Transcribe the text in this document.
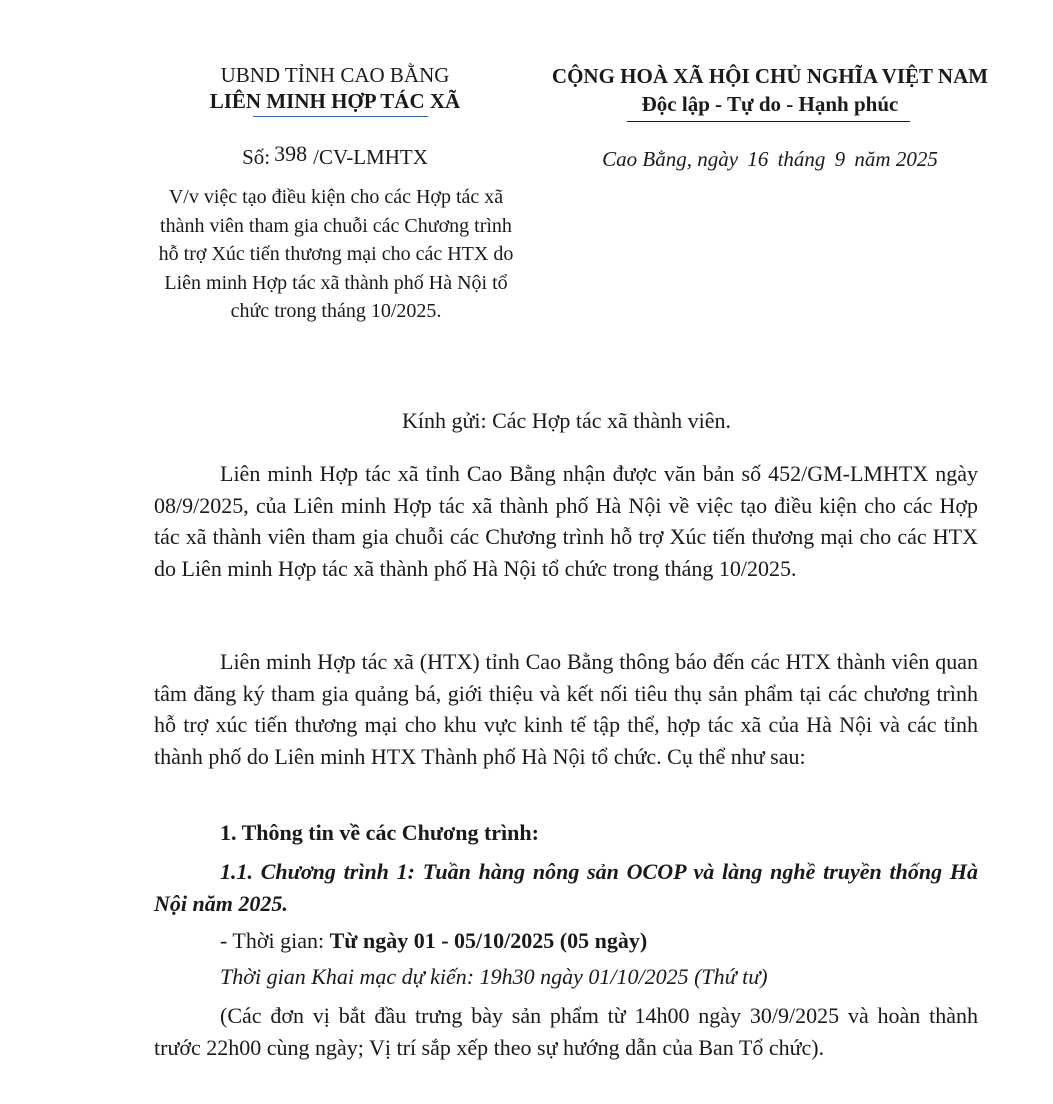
UBND TỈNH CAO BẰNG
LIÊN MINH HỢP TÁC XÃ
Số: 398 /CV-LMHTX
V/v việc tạo điều kiện cho các Hợp tác xã thành viên tham gia chuỗi các Chương trình hỗ trợ Xúc tiến thương mại cho các HTX do Liên minh Hợp tác xã thành phố Hà Nội tổ chức trong tháng 10/2025.
CỘNG HOÀ XÃ HỘI CHỦ NGHĨA VIỆT NAM
Độc lập - Tự do - Hạnh phúc
Cao Bằng, ngày 16 tháng 9 năm 2025
Kính gửi: Các Hợp tác xã thành viên.

Liên minh Hợp tác xã tỉnh Cao Bằng nhận được văn bản số 452/GM-LMHTX ngày 08/9/2025, của Liên minh Hợp tác xã thành phố Hà Nội về việc tạo điều kiện cho các Hợp tác xã thành viên tham gia chuỗi các Chương trình hỗ trợ Xúc tiến thương mại cho các HTX do Liên minh Hợp tác xã thành phố Hà Nội tổ chức trong tháng 10/2025.

Liên minh Hợp tác xã (HTX) tỉnh Cao Bằng thông báo đến các HTX thành viên quan tâm đăng ký tham gia quảng bá, giới thiệu và kết nối tiêu thụ sản phẩm tại các chương trình hỗ trợ xúc tiến thương mại cho khu vực kinh tế tập thể, hợp tác xã của Hà Nội và các tỉnh thành phố do Liên minh HTX Thành phố Hà Nội tổ chức. Cụ thể như sau:

1. Thông tin về các Chương trình:

1.1. Chương trình 1: Tuần hàng nông sản OCOP và làng nghề truyền thống Hà Nội năm 2025.

- Thời gian: Từ ngày 01 - 05/10/2025 (05 ngày)
Thời gian Khai mạc dự kiến: 19h30 ngày 01/10/2025 (Thứ tư)

(Các đơn vị bắt đầu trưng bày sản phẩm từ 14h00 ngày 30/9/2025 và hoàn thành trước 22h00 cùng ngày; Vị trí sắp xếp theo sự hướng dẫn của Ban Tổ chức).
